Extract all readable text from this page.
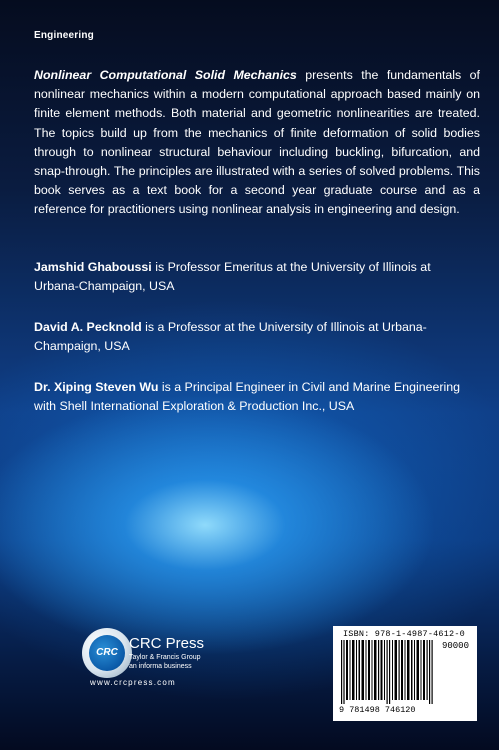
Engineering

Nonlinear Computational Solid Mechanics presents the fundamentals of nonlinear mechanics within a modern computational approach based mainly on finite element methods. Both material and geometric nonlinearities are treated. The topics build up from the mechanics of finite deformation of solid bodies through to nonlinear structural behaviour including buckling, bifurcation, and snap-through. The principles are illustrated with a series of solved problems. This book serves as a text book for a second year graduate course and as a reference for practitioners using nonlinear analysis in engineering and design.

Jamshid Ghaboussi is Professor Emeritus at the University of Illinois at Urbana-Champaign, USA

David A. Pecknold is a Professor at the University of Illinois at Urbana-Champaign, USA

Dr. Xiping Steven Wu is a Principal Engineer in Civil and Marine Engineering with Shell International Exploration & Production Inc., USA

CRC
CRC Press
Taylor & Francis Group
an informa business
www.crcpress.com
ISBN: 978-1-4987-4612-0
90000
9 781498 746120
